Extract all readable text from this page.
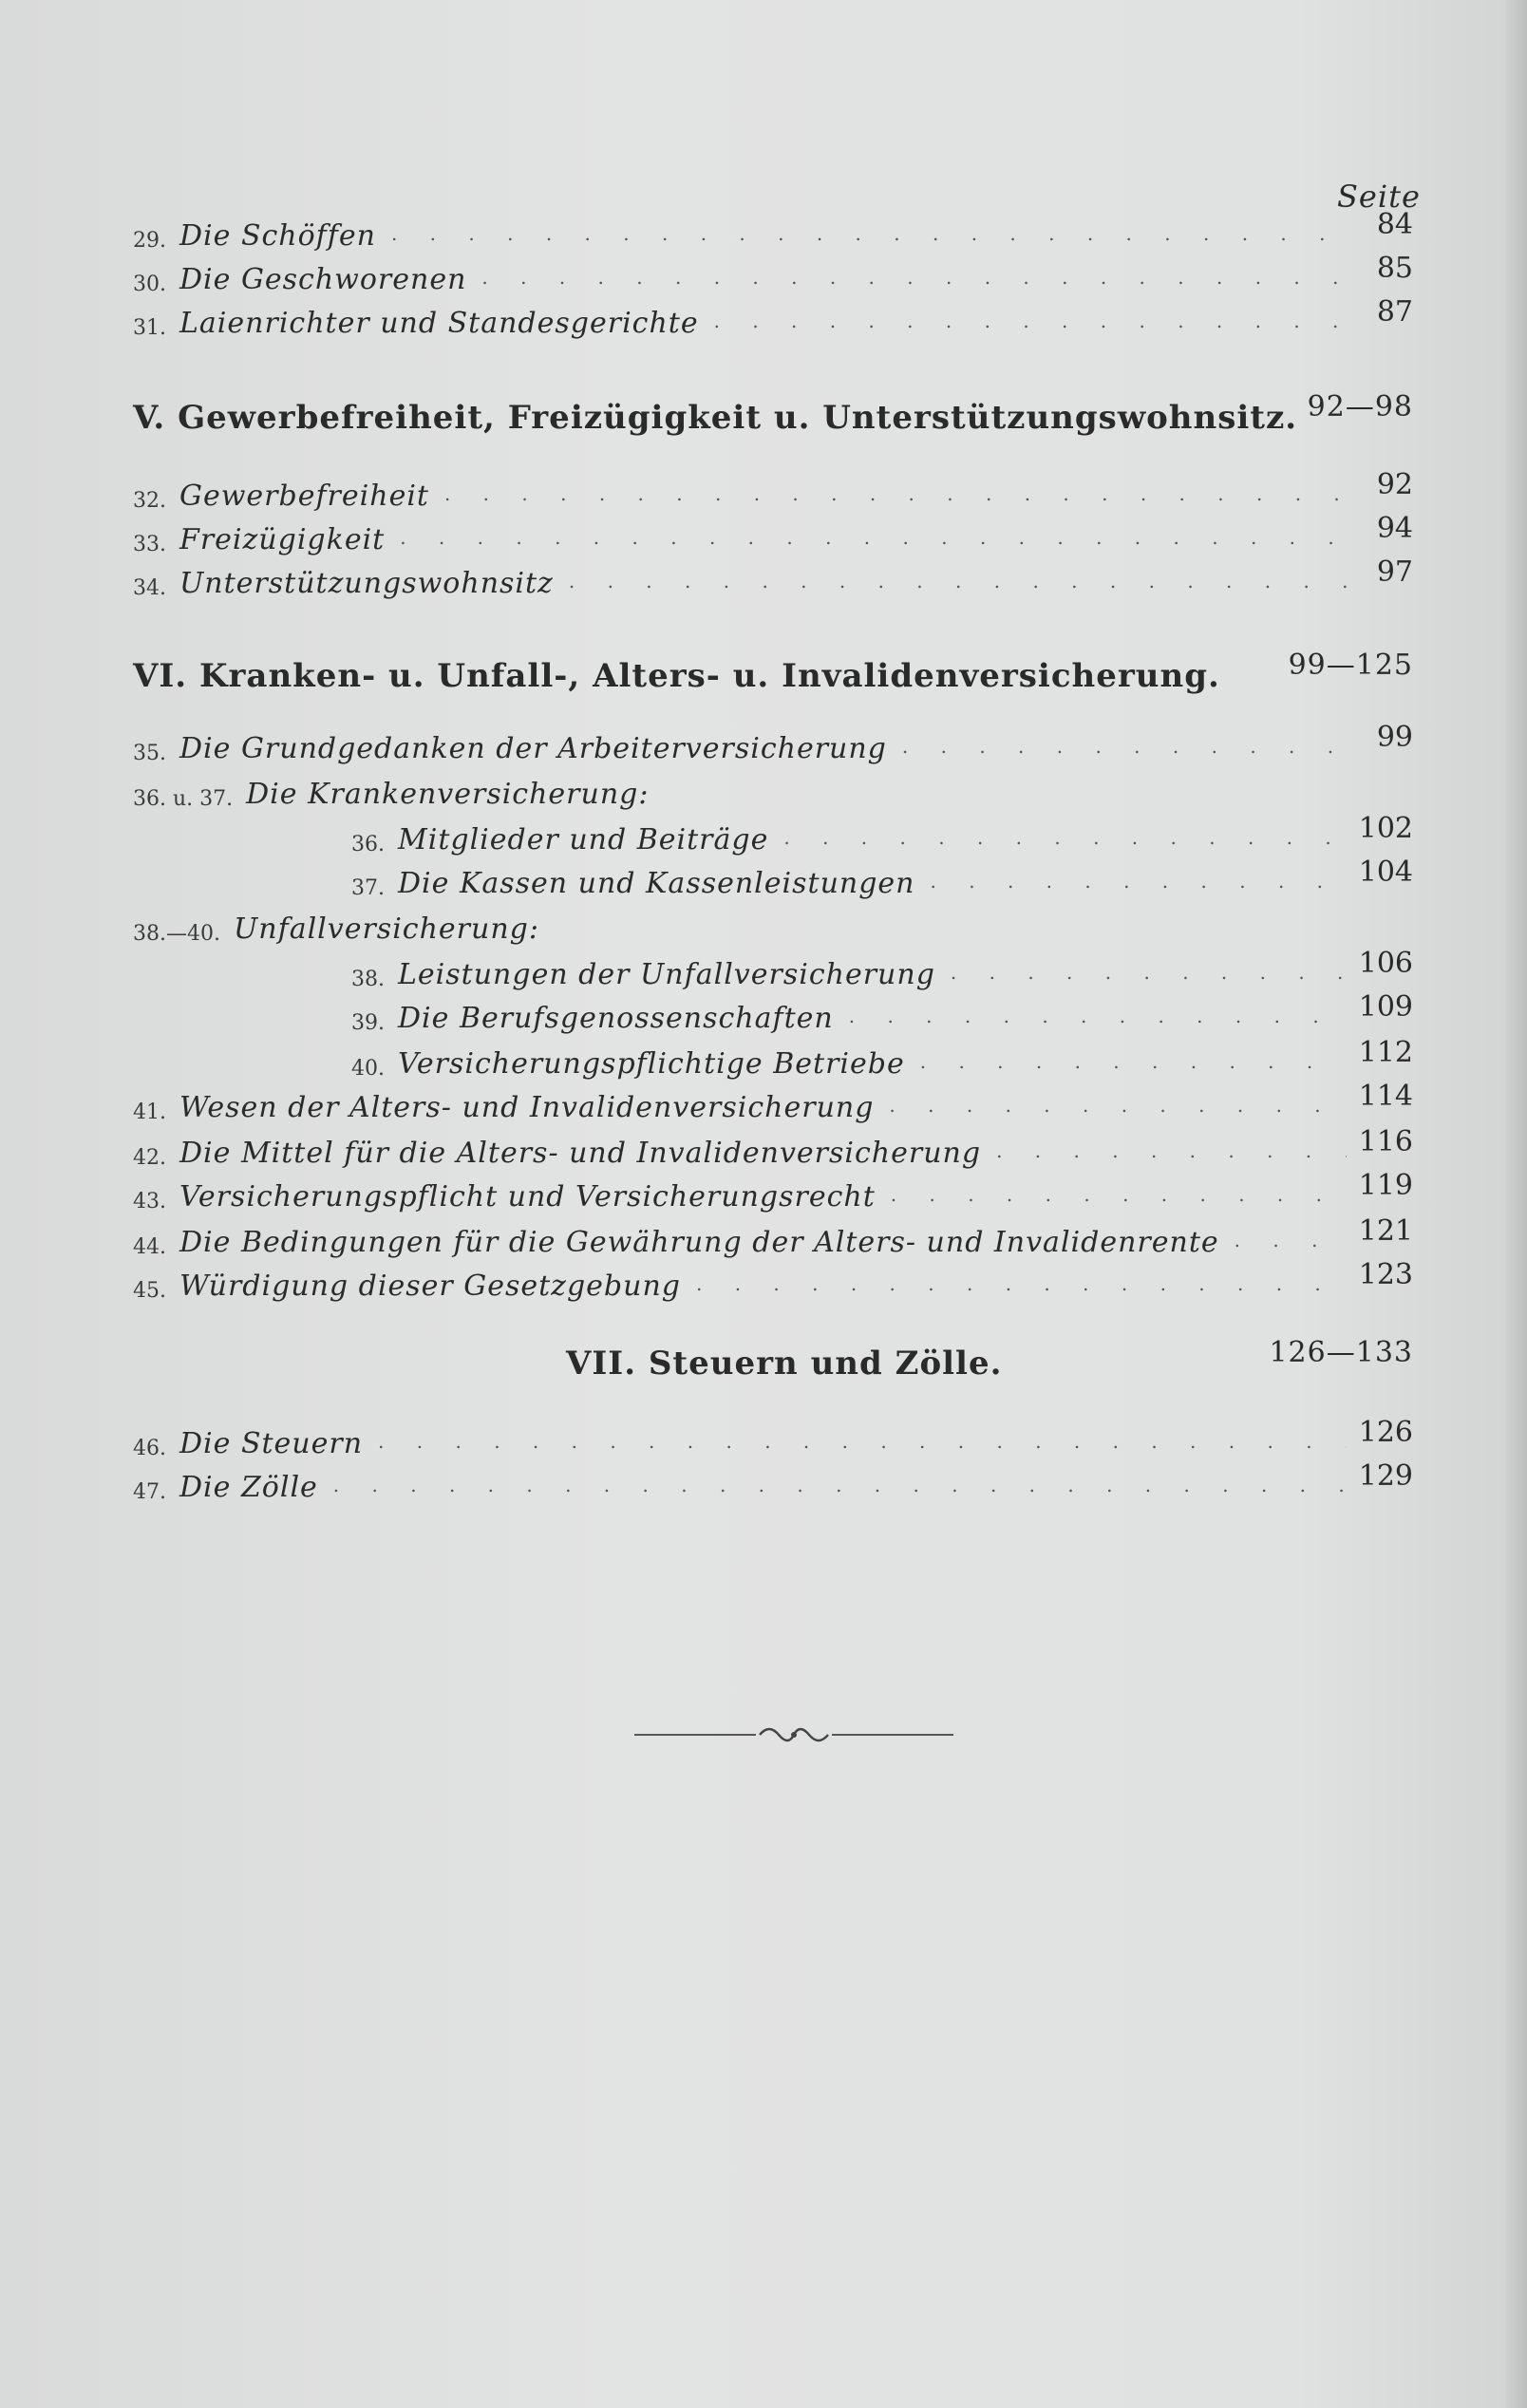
Seite
29. Die Schöffen . . .	84
30. Die Geschworenen . . .	85
31. Laienrichter und Standesgerichte . . .	87
V. Gewerbefreiheit, Freizügigkeit u. Unterstützungswohnsitz. 92—98
32. Gewerbefreiheit . . .	92
33. Freizügigkeit . . .	94
34. Unterstützungswohnsitz . . .	97
VI. Kranken- u. Unfall-, Alters- u. Invalidenversicherung. 99—125
35. Die Grundgedanken der Arbeiterversicherung . . .	99
36. u. 37. Die Krankenversicherung:
36. Mitglieder und Beiträge . . .	102
37. Die Kassen und Kassenleistungen . . .	104
38.—40. Unfallversicherung:
38. Leistungen der Unfallversicherung . . .	106
39. Die Berufsgenossenschaften . . .	109
40. Versicherungspflichtige Betriebe . . .	112
41. Wesen der Alters- und Invalidenversicherung . . .	114
42. Die Mittel für die Alters- und Invalidenversicherung . . .	116
43. Versicherungspflicht und Versicherungsrecht . . .	119
44. Die Bedingungen für die Gewährung der Alters- und Invalidenrente . . .	121
45. Würdigung dieser Gesetzgebung . . .	123
VII. Steuern und Zölle.	126—133
46. Die Steuern . . .	126
47. Die Zölle . . .	129
